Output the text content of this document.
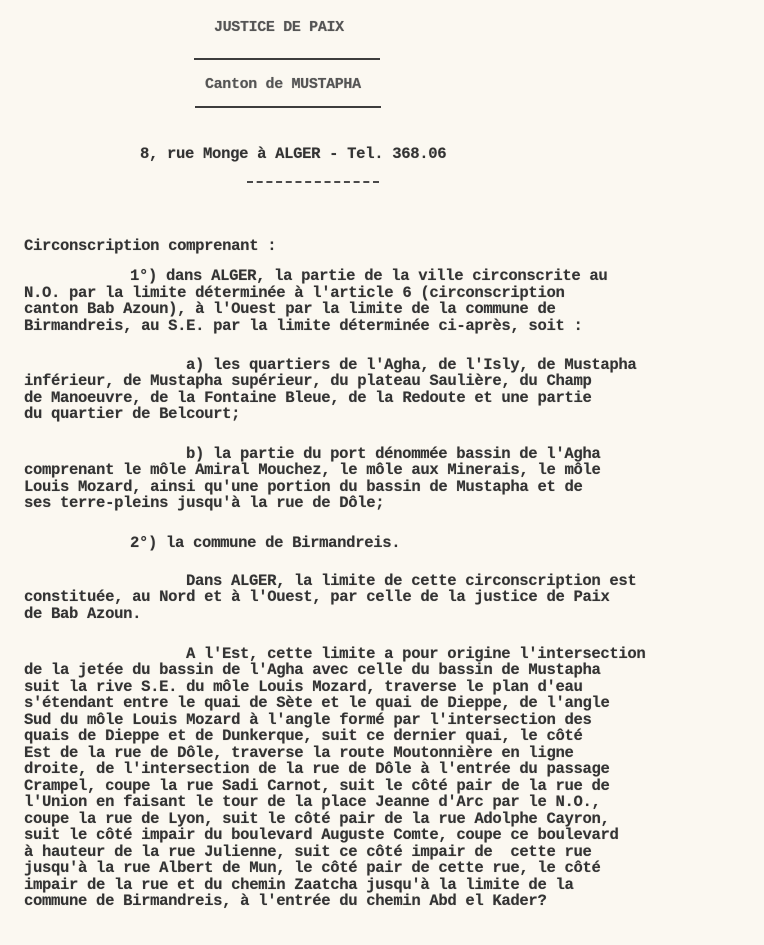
JUSTICE DE PAIX
Canton de MUSTAPHA
8, rue Monge à ALGER - Tel. 368.06
Circonscription comprenant :
1°) dans ALGER, la partie de la ville circonscrite au
N.O. par la limite déterminée à l'article 6 (circonscription
canton Bab Azoun), à l'Ouest par la limite de la commune de
Birmandreis, au S.E. par la limite déterminée ci-après, soit :
a) les quartiers de l'Agha, de l'Isly, de Mustapha
inférieur, de Mustapha supérieur, du plateau Saulière, du Champ
de Manoeuvre, de la Fontaine Bleue, de la Redoute et une partie
du quartier de Belcourt;
b) la partie du port dénommée bassin de l'Agha
comprenant le môle Amiral Mouchez, le môle aux Minerais, le môle
Louis Mozard, ainsi qu'une portion du bassin de Mustapha et de
ses terre-pleins jusqu'à la rue de Dôle;
2°) la commune de Birmandreis.
Dans ALGER, la limite de cette circonscription est
constituée, au Nord et à l'Ouest, par celle de la justice de Paix
de Bab Azoun.
A l'Est, cette limite a pour origine l'intersection
de la jetée du bassin de l'Agha avec celle du bassin de Mustapha
suit la rive S.E. du môle Louis Mozard, traverse le plan d'eau
s'étendant entre le quai de Sète et le quai de Dieppe, de l'angle
Sud du môle Louis Mozard à l'angle formé par l'intersection des
quais de Dieppe et de Dunkerque, suit ce dernier quai, le côté
Est de la rue de Dôle, traverse la route Moutonnière en ligne
droite, de l'intersection de la rue de Dôle à l'entrée du passage
Crampel, coupe la rue Sadi Carnot, suit le côté pair de la rue de
l'Union en faisant le tour de la place Jeanne d'Arc par le N.O.,
coupe la rue de Lyon, suit le côté pair de la rue Adolphe Cayron,
suit le côté impair du boulevard Auguste Comte, coupe ce boulevard
à hauteur de la rue Julienne, suit ce côté impair de  cette rue
jusqu'à la rue Albert de Mun, le côté pair de cette rue, le côté
impair de la rue et du chemin Zaatcha jusqu'à la limite de la
commune de Birmandreis, à l'entrée du chemin Abd el Kader?
